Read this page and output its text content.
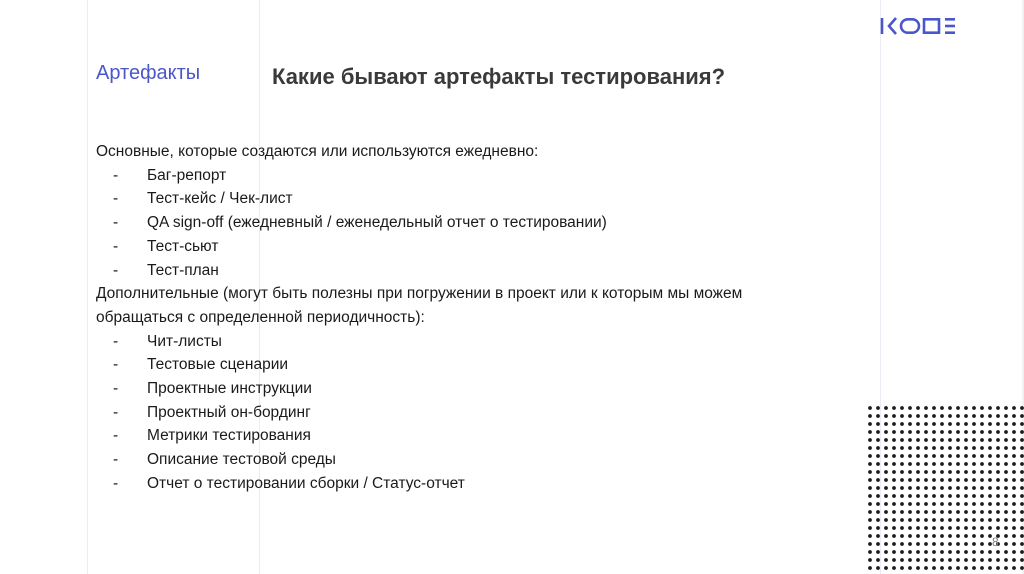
Артефакты	Какие бывают артефакты тестирования?

Основные, которые создаются или используются ежедневно:

- Баг-репорт
- Тест-кейс / Чек-лист
- QA sign-off (ежедневный / еженедельный отчет о тестировании)
- Тест-сьют
- Тест-план

Дополнительные (могут быть полезны при погружении в проект или к которым мы можем
обращаться с определенной периодичность):

- Чит-листы
- Тестовые сценарии
- Проектные инструкции
- Проектный он-бординг
- Метрики тестирования
- Описание тестовой среды
- Отчет о тестировании сборки / Статус-отчет
8
